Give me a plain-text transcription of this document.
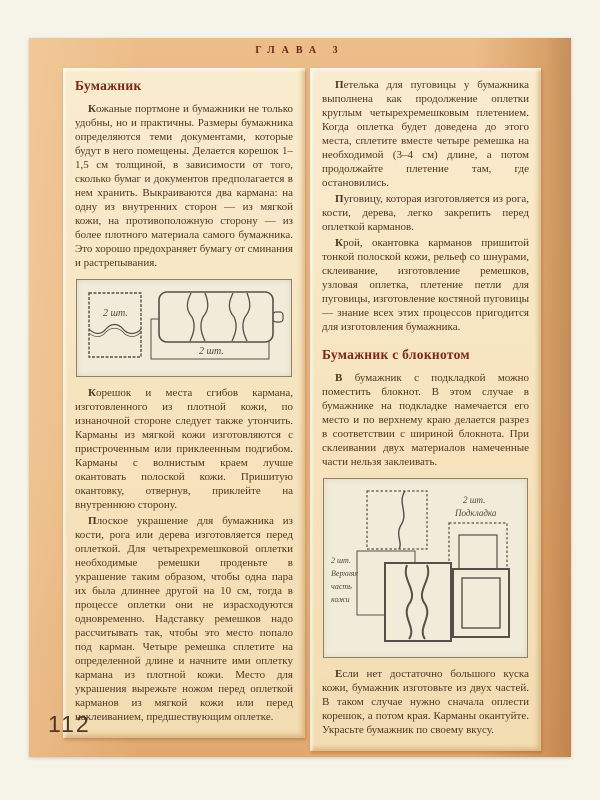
ГЛАВА 3
Бумажник

Кожаные портмоне и бумажники не только удобны, но и практичны. Размеры бумажника определяются теми документами, которые будут в него помещены. Делается корешок 1–1,5 см толщиной, в зависимости от того, сколько бумаг и документов предполагается в нем хранить. Выкраиваются два кармана: на одну из внутренних сторон — из мягкой кожи, на противоположную сторону — из более плотного материала самого бумажника. Это хорошо предохраняет бумагу от сминания и растрепывания.

2 шт.
2 шт.

Корешок и места сгибов кармана, изготовленного из плотной кожи, по изнаночной стороне следует также утончить. Карманы из мягкой кожи изготовляются с пристроченным или приклеенным подгибом. Карманы с волнистым краем лучше окантовать полоской кожи. Пришитую окантовку, отвернув, приклейте на внутреннюю сторону.

Плоское украшение для бумажника из кости, рога или дерева изготовляется перед оплеткой. Для четырехремешковой оплетки необходимые ремешки проденьте в украшение таким образом, чтобы одна пара их была длиннее другой на 10 см, тогда в процессе оплетки они не израсходуются одновременно. Надставку ремешков надо рассчитывать так, чтобы это место попало под карман. Четыре ремешка сплетите на определенной длине и начните ими оплетку кармана из плотной кожи. Место для украшения вырежьте ножом перед оплеткой карманов из мягкой кожи или перед наклеиванием, предшествующим оплетке.

Петелька для пуговицы у бумажника выполнена как продолжение оплетки круглым четырехремешковым плетением. Когда оплетка будет доведена до этого места, сплетите вместе четыре ремешка на необходимой (3–4 см) длине, а потом продолжайте плетение там, где остановились.

Пуговицу, которая изготовляется из рога, кости, дерева, легко закрепить перед оплеткой карманов.

Крой, окантовка карманов пришитой тонкой полоской кожи, рельеф со шнурами, склеивание, изготовление ремешков, узловая оплетка, плетение петли для пуговицы, изготовление костяной пуговицы — знание всех этих процессов пригодится для изготовления бумажника.

Бумажник с блокнотом

В бумажник с подкладкой можно поместить блокнот. В этом случае в бумажнике на подкладке намечается его место и по верхнему краю делается разрез в соответствии с шириной блокнота. При склеивании двух материалов намеченные части нельзя заклеивать.

2 шт.
Подкладка
2 шт.
Верхняя
часть
кожи

Если нет достаточно большого куска кожи, бумажник изготовьте из двух частей. В таком случае нужно сначала оплести корешок, а потом края. Карманы окантуйте. Украсьте бумажник по своему вкусу.

112
